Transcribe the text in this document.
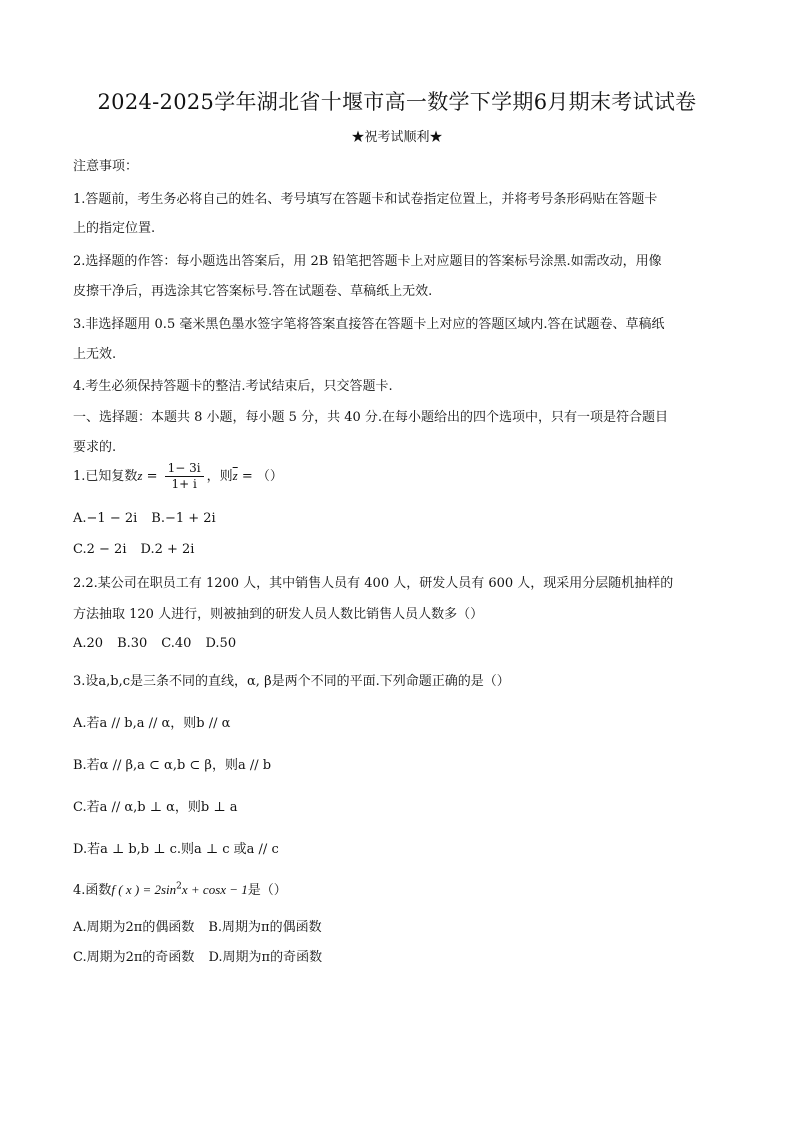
2024-2025学年湖北省十堰市高一数学下学期6月期末考试试卷
★祝考试顺利★
注意事项：
1.答题前，考生务必将自己的姓名、考号填写在答题卡和试卷指定位置上，并将考号条形码贴在答题卡
上的指定位置.
2.选择题的作答：每小题选出答案后，用 2B 铅笔把答题卡上对应题目的答案标号涂黑.如需改动，用像
皮擦干净后，再选涂其它答案标号.答在试题卷、草稿纸上无效.
3.非选择题用 0.5 毫米黑色墨水签字笔将答案直接答在答题卡上对应的答题区域内.答在试题卷、草稿纸
上无效.
4.考生必须保持答题卡的整洁.考试结束后，只交答题卡.
一、选择题：本题共 8 小题，每小题 5 分，共 40 分.在每小题给出的四个选项中，只有一项是符合题目
要求的.
1.已知复数$z = \frac{1- 3i}{1+ i}$ ，则$\overline{z}$ = （）
A.−1 − 2i B.−1 + 2i
C.2 − 2i D.2 + 2i
2.2.某公司在职员工有 1200 人，其中销售人员有 400 人，研发人员有 600 人，现采用分层随机抽样的
方法抽取 120 人进行，则被抽到的研发人员人数比销售人员人数多（）
A.20 B.30 C.40 D.50
3.设a,b,c是三条不同的直线，α, β是两个不同的平面.下列命题正确的是（）
A.若a // b,a // α，则b // α
B.若α // β,a ⊂ α,b ⊂ β，则a // b
C.若a // α,b ⊥ α，则b ⊥ a
D.若a ⊥ b,b ⊥ c.则a ⊥ c 或a // c
4.函数f ( x ) = $2\sin^2x + \cos x - 1$是（）
A.周期为2π的偶函数 B.周期为π的偶函数
C.周期为2π的奇函数 D.周期为π的奇函数
